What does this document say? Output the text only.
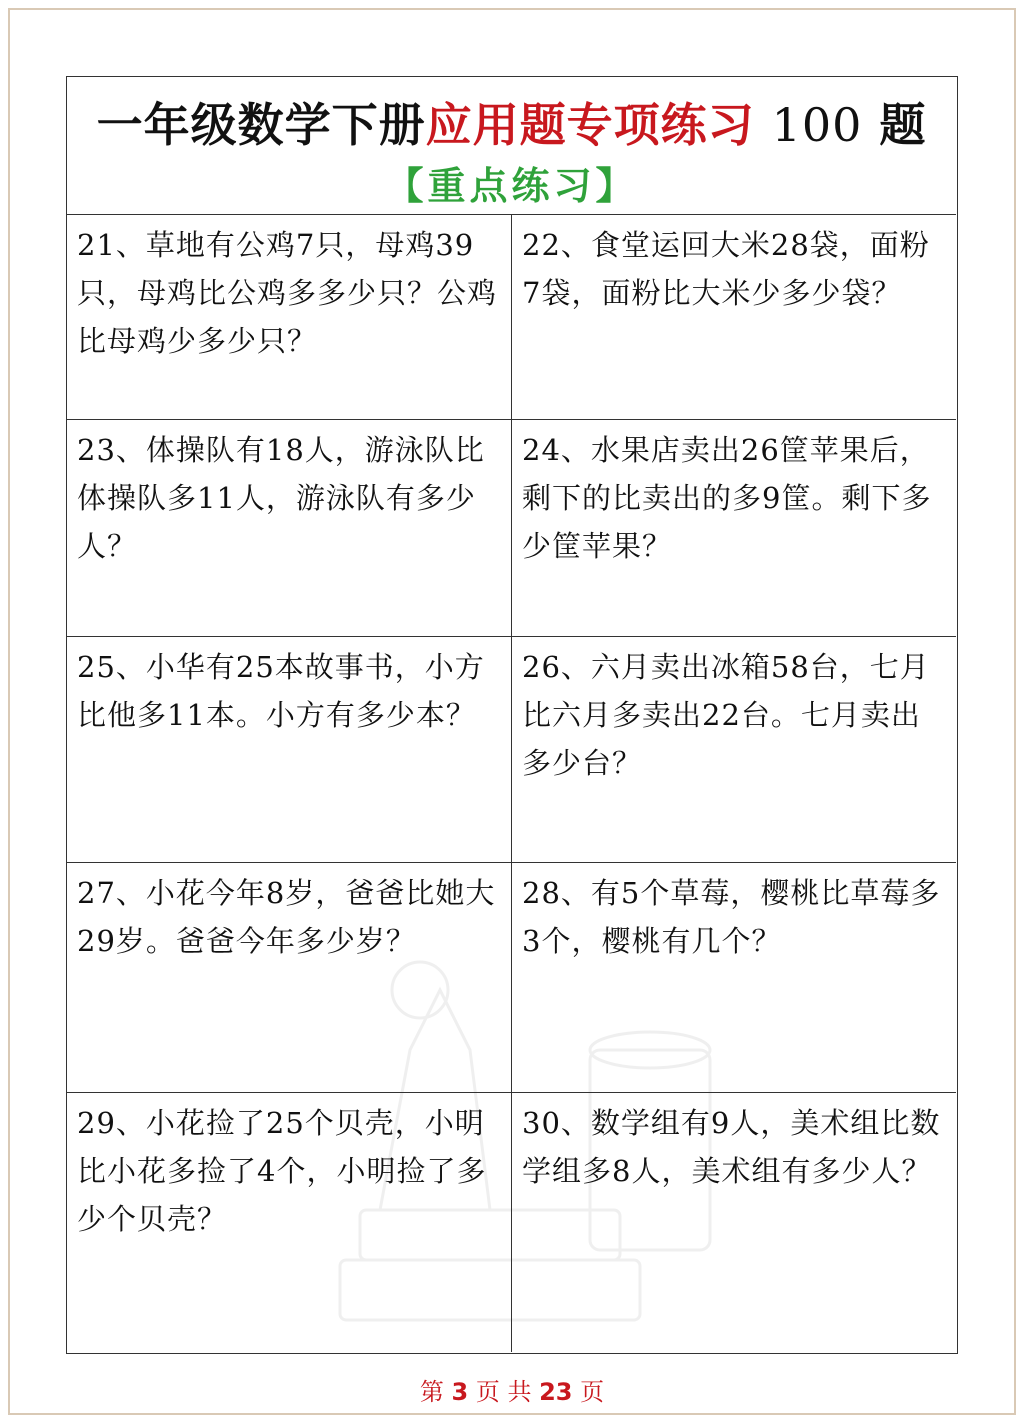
一年级数学下册应用题专项练习 100 题
【重点练习】
21、草地有公鸡7只，母鸡39只，母鸡比公鸡多多少只？公鸡比母鸡少多少只？
22、食堂运回大米28袋，面粉7袋，面粉比大米少多少袋？
23、体操队有18人，游泳队比体操队多11人，游泳队有多少人？
24、水果店卖出26筐苹果后，剩下的比卖出的多9筐。剩下多少筐苹果？
25、小华有25本故事书，小方比他多11本。小方有多少本？
26、六月卖出冰箱58台，七月比六月多卖出22台。七月卖出多少台？
27、小花今年8岁，爸爸比她大29岁。爸爸今年多少岁？
28、有5个草莓，樱桃比草莓多3个，樱桃有几个？
29、小花捡了25个贝壳，小明比小花多捡了4个，小明捡了多少个贝壳？
30、数学组有9人，美术组比数学组多8人，美术组有多少人？
第 3 页 共 23 页
